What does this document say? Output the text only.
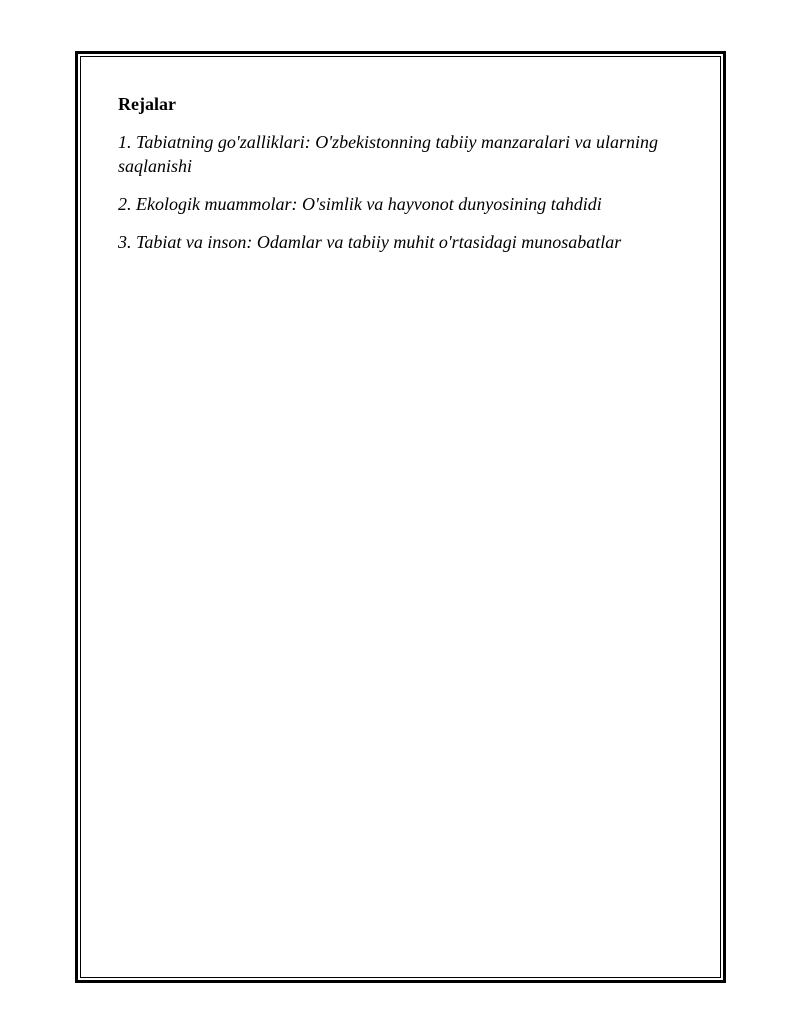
Rejalar
1. Tabiatning go'zalliklari: O'zbekistonning tabiiy manzaralari va ularning saqlanishi
2. Ekologik muammolar: O'simlik va hayvonot dunyosining tahdidi
3. Tabiat va inson: Odamlar va tabiiy muhit o'rtasidagi munosabatlar
